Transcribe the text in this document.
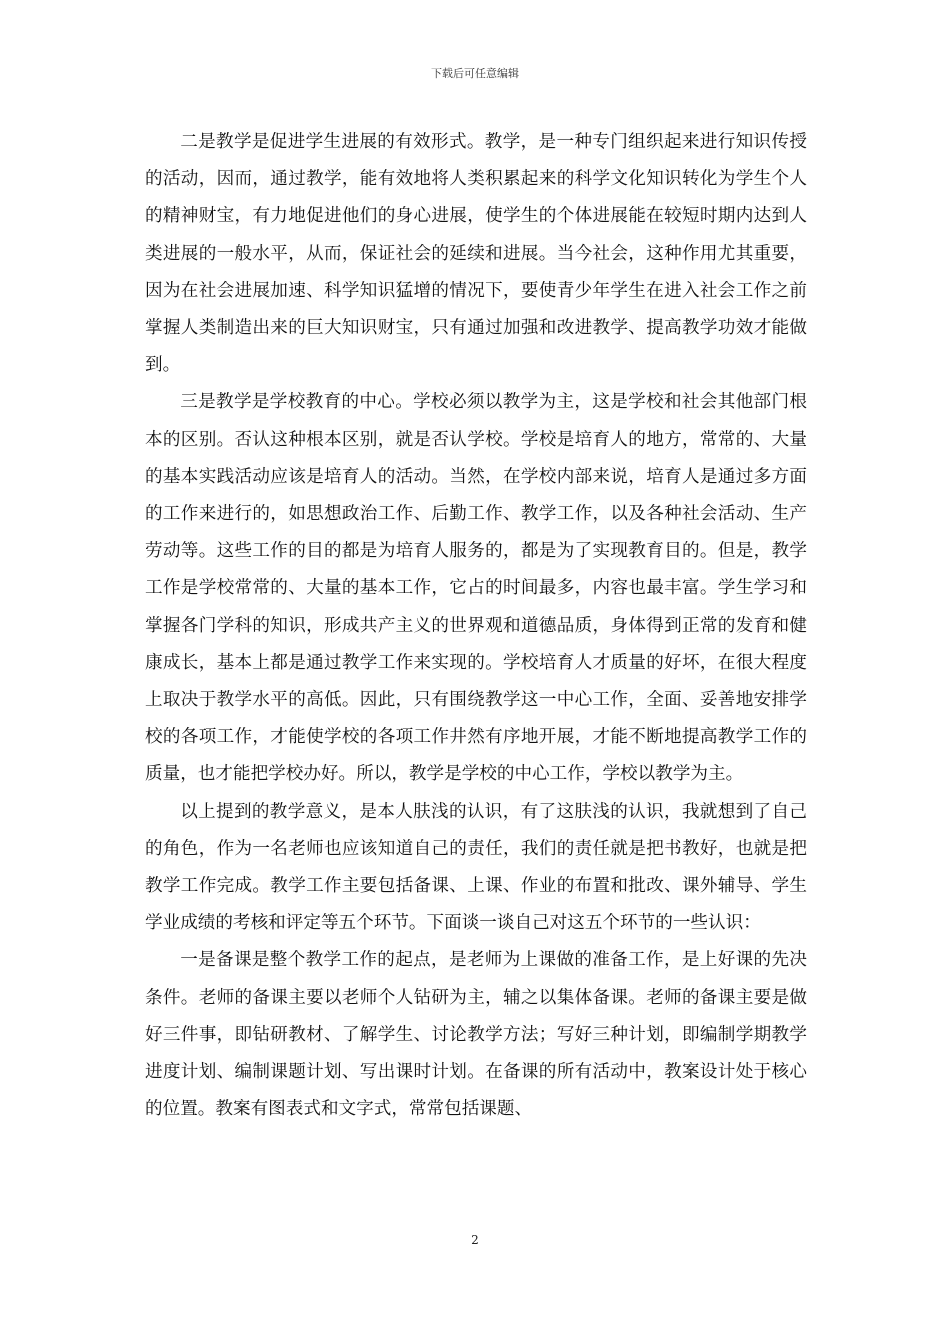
下载后可任意编辑

二是教学是促进学生进展的有效形式。教学，是一种专门组织起来进行知识传授的活动，因而，通过教学，能有效地将人类积累起来的科学文化知识转化为学生个人的精神财宝，有力地促进他们的身心进展，使学生的个体进展能在较短时期内达到人类进展的一般水平，从而，保证社会的延续和进展。当今社会，这种作用尤其重要，因为在社会进展加速、科学知识猛增的情况下，要使青少年学生在进入社会工作之前掌握人类制造出来的巨大知识财宝，只有通过加强和改进教学、提高教学功效才能做到。

三是教学是学校教育的中心。学校必须以教学为主，这是学校和社会其他部门根本的区别。否认这种根本区别，就是否认学校。学校是培育人的地方，常常的、大量的基本实践活动应该是培育人的活动。当然，在学校内部来说，培育人是通过多方面的工作来进行的，如思想政治工作、后勤工作、教学工作，以及各种社会活动、生产劳动等。这些工作的目的都是为培育人服务的，都是为了实现教育目的。但是，教学工作是学校常常的、大量的基本工作，它占的时间最多，内容也最丰富。学生学习和掌握各门学科的知识，形成共产主义的世界观和道德品质，身体得到正常的发育和健康成长，基本上都是通过教学工作来实现的。学校培育人才质量的好坏，在很大程度上取决于教学水平的高低。因此，只有围绕教学这一中心工作，全面、妥善地安排学校的各项工作，才能使学校的各项工作井然有序地开展，才能不断地提高教学工作的质量，也才能把学校办好。所以，教学是学校的中心工作，学校以教学为主。

以上提到的教学意义，是本人肤浅的认识，有了这肤浅的认识，我就想到了自己的角色，作为一名老师也应该知道自己的责任，我们的责任就是把书教好，也就是把教学工作完成。教学工作主要包括备课、上课、作业的布置和批改、课外辅导、学生学业成绩的考核和评定等五个环节。下面谈一谈自己对这五个环节的一些认识：

一是备课是整个教学工作的起点，是老师为上课做的准备工作，是上好课的先决条件。老师的备课主要以老师个人钻研为主，辅之以集体备课。老师的备课主要是做好三件事，即钻研教材、了解学生、讨论教学方法；写好三种计划，即编制学期教学进度计划、编制课题计划、写出课时计划。在备课的所有活动中，教案设计处于核心的位置。教案有图表式和文字式，常常包括课题、

2
